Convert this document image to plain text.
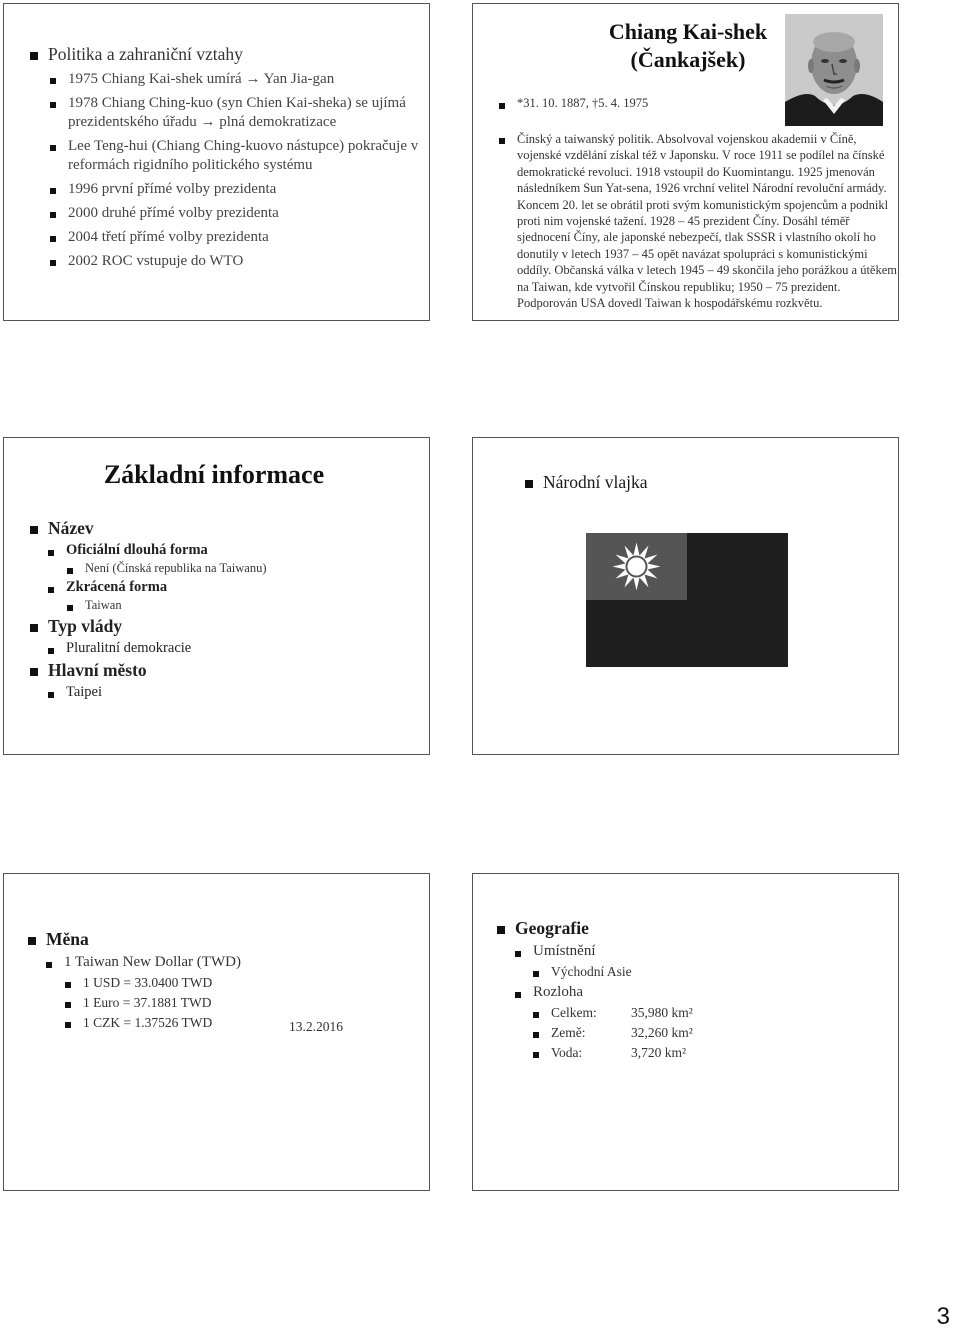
Politika a zahraniční vztahy
1975 Chiang Kai-shek umírá → Yan Jia-gan
1978 Chiang Ching-kuo (syn Chien Kai-sheka) se ujímá prezidentského úřadu → plná demokratizace
Lee Teng-hui (Chiang Ching-kuovo nástupce) pokračuje v reformách rigidního politického systému
1996 první přímé volby prezidenta
2000 druhé přímé volby prezidenta
2004 třetí přímé volby prezidenta
2002 ROC vstupuje do WTO
Chiang Kai-shek
(Čankajšek)
*31. 10. 1887, †5. 4. 1975
Čínský a taiwanský politik. Absolvoval vojenskou akademii v Číně, vojenské vzdělání získal též v Japonsku. V roce 1911 se podílel na čínské demokratické revoluci. 1918 vstoupil do Kuomintangu. 1925 jmenován následníkem Sun Yat-sena, 1926 vrchní velitel Národní revoluční armády. Koncem 20. let se obrátil proti svým komunistickým spojencům a podnikl proti nim vojenské tažení. 1928 – 45 prezident Číny. Dosáhl téměř sjednocení Číny, ale japonské nebezpečí, tlak SSSR i vlastního okolí ho donutily v letech 1937 – 45 opět navázat spolupráci s komunistickými oddíly. Občanská válka v letech 1945 – 49 skončila jeho porážkou a útěkem na Taiwan, kde vytvořil Čínskou republiku; 1950 – 75 prezident. Podporován USA dovedl Taiwan k hospodářskému rozkvětu.
Základní informace
Název
Oficiální dlouhá forma
Není (Čínská republika na Taiwanu)
Zkrácená forma
Taiwan
Typ vlády
Pluralitní demokracie
Hlavní město
Taipei
Národní vlajka
Měna
1 Taiwan New Dollar (TWD)
1 USD = 33.0400 TWD
1 Euro = 37.1881 TWD
1 CZK = 1.37526 TWD	13.2.2016
Geografie
Umístnění
Východní Asie
Rozloha
Celkem:	35,980 km²
Země:	32,260 km²
Voda:	3,720 km²
3
